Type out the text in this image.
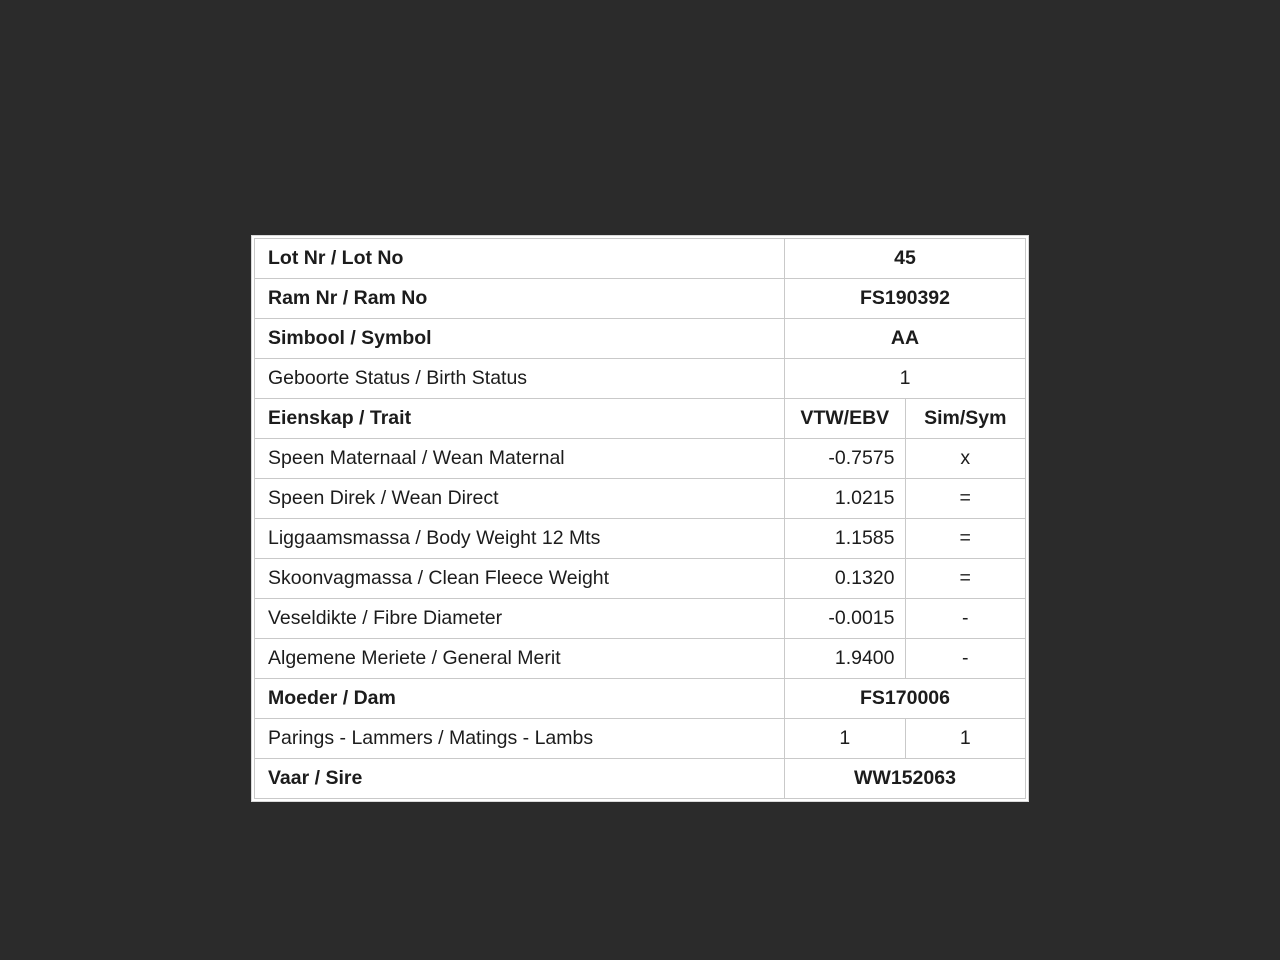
Lot Nr / Lot No	45	
Ram Nr / Ram No	FS190392	
Simbool / Symbol	AA	
Geboorte Status / Birth Status	1	
Eienskap / Trait	VTW/EBV	Sim/Sym
Speen Maternaal / Wean Maternal	-0.7575	x
Speen Direk / Wean Direct	1.0215	=
Liggaamsmassa / Body Weight 12 Mts	1.1585	=
Skoonvagmassa / Clean Fleece Weight	0.1320	=
Veseldikte / Fibre Diameter	-0.0015	-
Algemene Meriete / General Merit	1.9400	-
Moeder / Dam	FS170006	
Parings - Lammers / Matings - Lambs	1	1
Vaar / Sire	WW152063	
